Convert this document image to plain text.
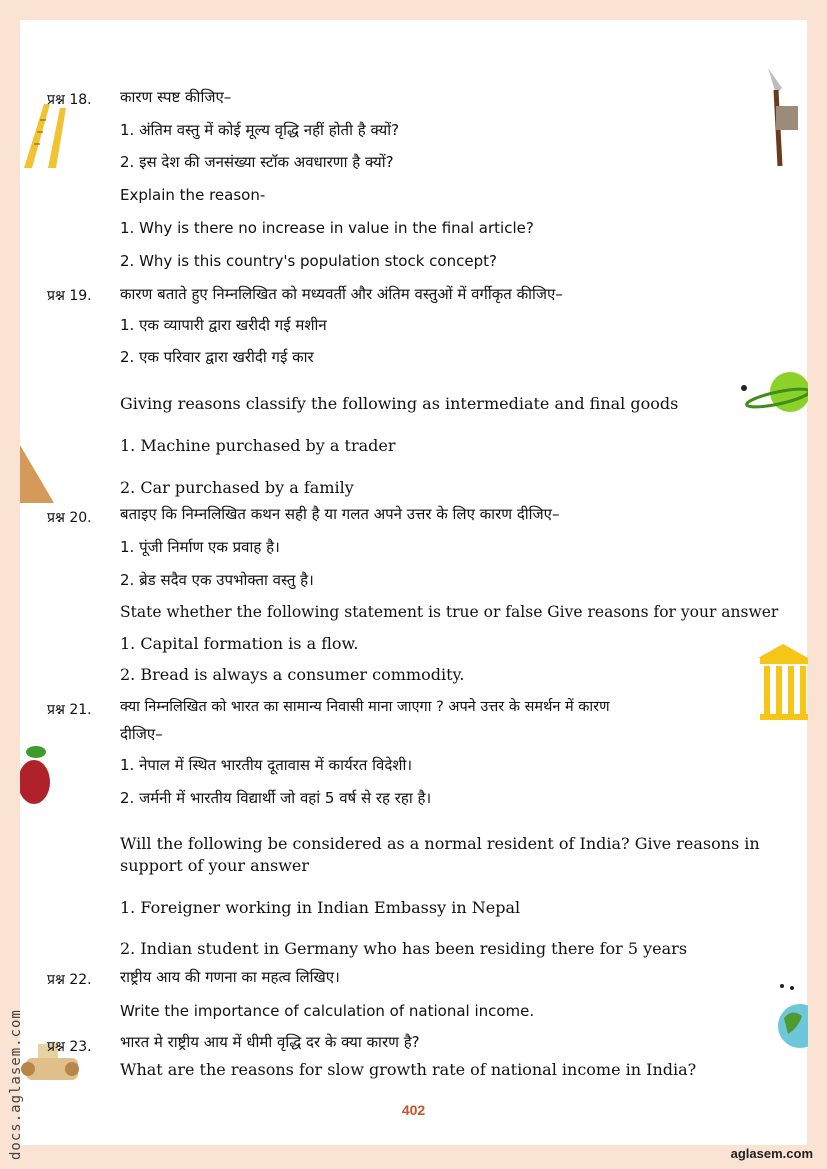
प्रश्न 18.
प्रश्न 19.
प्रश्न 20.
प्रश्न 21.
प्रश्न 22.
प्रश्न 23.
कारण स्पष्ट कीजिए–
1. अंतिम वस्तु में कोई मूल्य वृद्धि नहीं होती है क्यों?
2. इस देश की जनसंख्या स्टॉक अवधारणा है क्यों?
Explain the reason-
1. Why is there no increase in value in the final article?
2. Why is this country's population stock concept?
कारण बताते हुए निम्नलिखित को मध्यवर्ती और अंतिम वस्तुओं में वर्गीकृत कीजिए–
1. एक व्यापारी द्वारा खरीदी गई मशीन
2. एक परिवार द्वारा खरीदी गई कार
Giving reasons classify the following as intermediate and final goods
1. Machine purchased by a trader
2. Car purchased by a family
बताइए कि निम्नलिखित कथन सही है या गलत अपने उत्तर के लिए कारण दीजिए–
1. पूंजी निर्माण एक प्रवाह है।
2. ब्रेड सदैव एक उपभोक्ता वस्तु है।
State whether the following statement is true or false Give reasons for your answer
1. Capital formation is a flow.
2. Bread is always a consumer commodity.
क्या निम्नलिखित को भारत का सामान्य निवासी माना जाएगा ? अपने उत्तर के समर्थन में कारण
दीजिए–
1. नेपाल में स्थित भारतीय दूतावास में कार्यरत विदेशी।
2. जर्मनी में भारतीय विद्यार्थी जो वहां 5 वर्ष से रह रहा है।
Will the following be considered as a normal resident of India? Give reasons in support of your answer
1. Foreigner working in Indian Embassy in Nepal
2. Indian student in Germany who has been residing there for 5 years
राष्ट्रीय आय की गणना का महत्व लिखिए।
Write the importance of calculation of national income.
भारत मे राष्ट्रीय आय में धीमी वृद्धि दर के क्या कारण है?
What are the reasons for slow growth rate of national income in India?
402
aglasem.com
docs.aglasem.com
